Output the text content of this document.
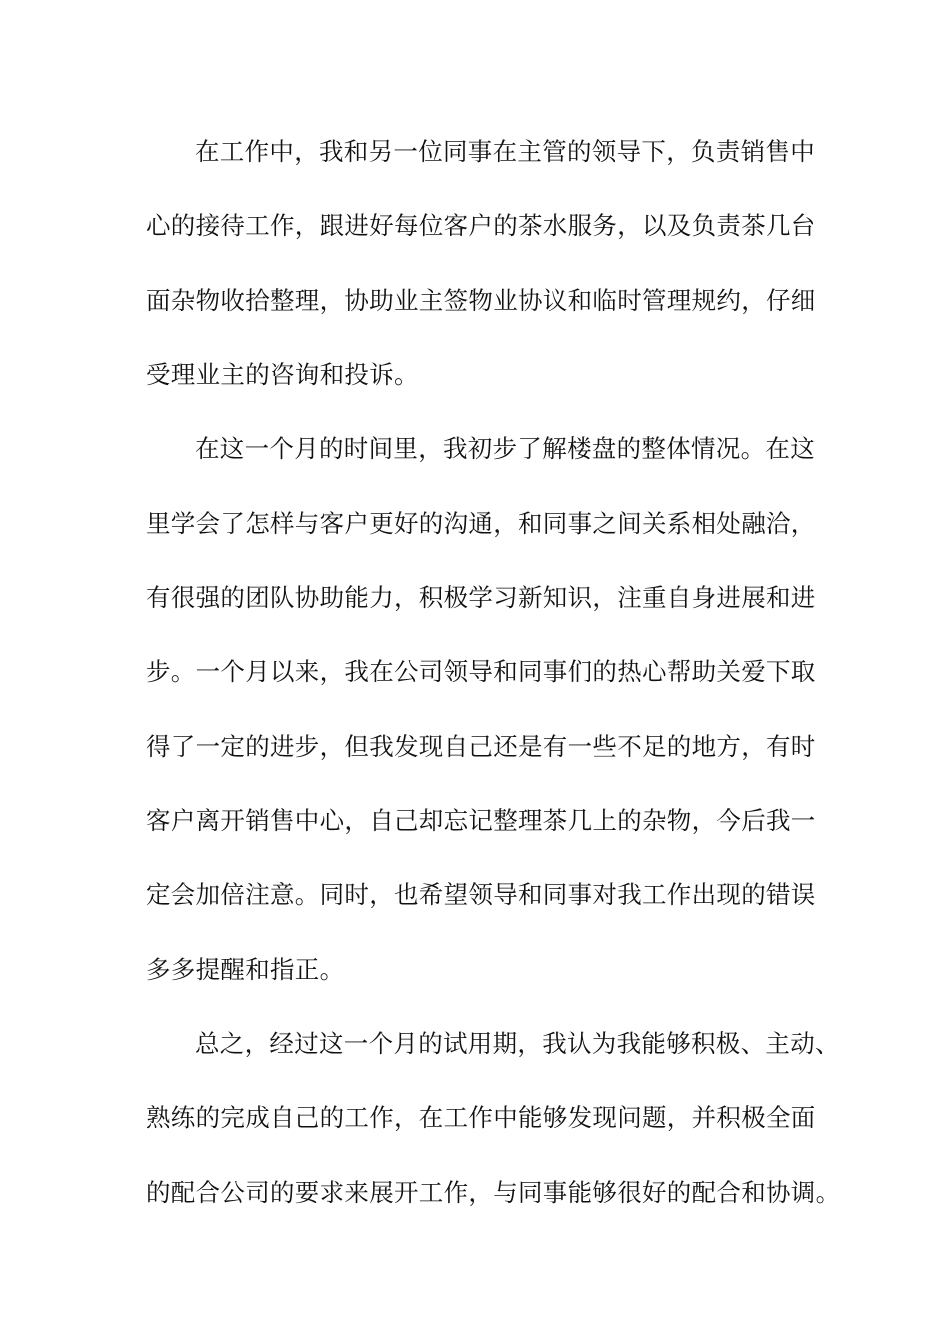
在工作中，我和另一位同事在主管的领导下，负责销售中
心的接待工作，跟进好每位客户的茶水服务，以及负责茶几台
面杂物收拾整理，协助业主签物业协议和临时管理规约，仔细
受理业主的咨询和投诉。
在这一个月的时间里，我初步了解楼盘的整体情况。在这
里学会了怎样与客户更好的沟通，和同事之间关系相处融洽，
有很强的团队协助能力，积极学习新知识，注重自身进展和进
步。一个月以来，我在公司领导和同事们的热心帮助关爱下取
得了一定的进步，但我发现自己还是有一些不足的地方，有时
客户离开销售中心，自己却忘记整理茶几上的杂物，今后我一
定会加倍注意。同时，也希望领导和同事对我工作出现的错误
多多提醒和指正。
总之，经过这一个月的试用期，我认为我能够积极、主动、
熟练的完成自己的工作，在工作中能够发现问题，并积极全面
的配合公司的要求来展开工作，与同事能够很好的配合和协调。
